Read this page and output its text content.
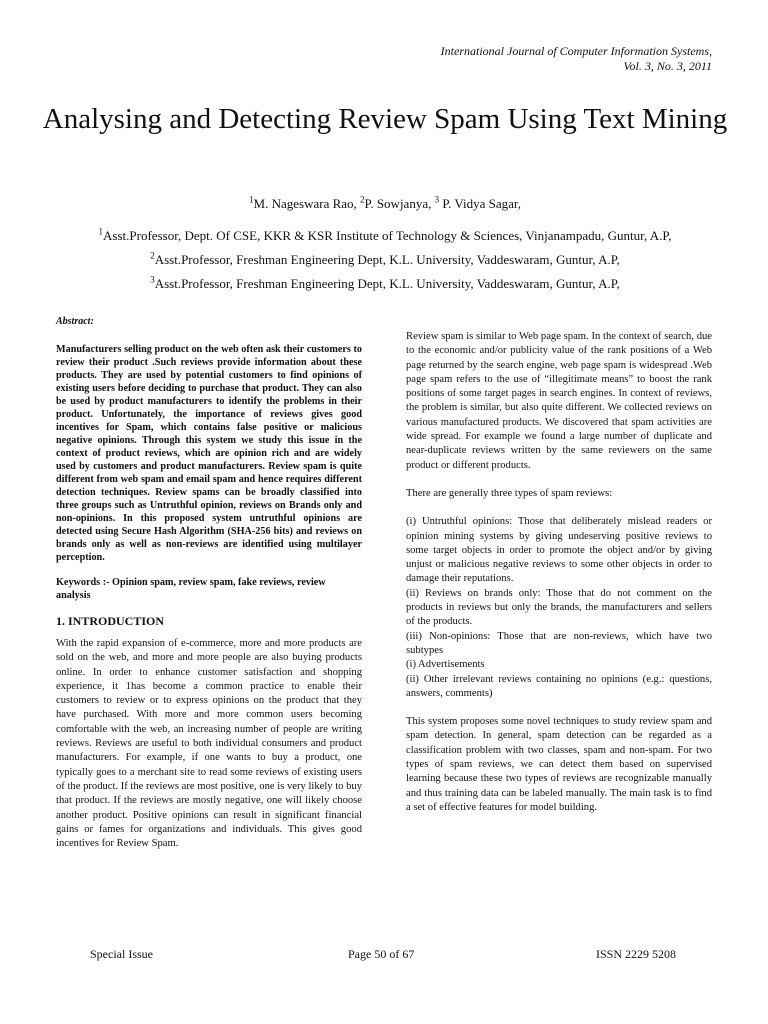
International Journal of Computer Information Systems,
Vol. 3, No. 3, 2011
Analysing and Detecting Review Spam Using Text Mining
$^1$M. Nageswara Rao, $^2$P. Sowjanya, $^3$ P. Vidya Sagar,
$^1$Asst.Professor, Dept. Of CSE, KKR & KSR Institute of Technology & Sciences, Vinjanampadu, Guntur, A.P,
$^2$Asst.Professor, Freshman Engineering Dept, K.L. University, Vaddeswaram, Guntur, A.P,
$^3$Asst.Professor, Freshman Engineering Dept, K.L. University, Vaddeswaram, Guntur, A.P,

Abstract:

Manufacturers selling product on the web often ask their customers to review their product .Such reviews provide information about these products. They are used by potential customers to find opinions of existing users before deciding to purchase that product. They can also be used by product manufacturers to identify the problems in their product. Unfortunately, the importance of reviews gives good incentives for Spam, which contains false positive or malicious negative opinions. Through this system we study this issue in the context of product reviews, which are opinion rich and are widely used by customers and product manufacturers. Review spam is quite different from web spam and email spam and hence requires different detection techniques. Review spams can be broadly classified into three groups such as Untruthful opinion, reviews on Brands only and non-opinions. In this proposed system untruthful opinions are detected using Secure Hash Algorithm (SHA-256 bits) and reviews on brands only as well as non-reviews are identified using multilayer perception.

Keywords :- Opinion spam, review spam, fake reviews, review analysis

1. INTRODUCTION

With the rapid expansion of e-commerce, more and more products are sold on the web, and more and more people are also buying products online. In order to enhance customer satisfaction and shopping experience, it 1has become a common practice to enable their customers to review or to express opinions on the product that they have purchased. With more and more common users becoming comfortable with the web, an increasing number of people are writing reviews. Reviews are useful to both individual consumers and product manufacturers. For example, if one wants to buy a product, one typically goes to a merchant site to read some reviews of existing users of the product. If the reviews are most positive, one is very likely to buy that product. If the reviews are mostly negative, one will likely choose another product. Positive opinions can result in significant financial gains or fames for organizations and individuals. This gives good incentives for Review Spam.

Review spam is similar to Web page spam. In the context of search, due to the economic and/or publicity value of the rank positions of a Web page returned by the search engine, web page spam is widespread .Web page spam refers to the use of “illegitimate means” to boost the rank positions of some target pages in search engines. In context of reviews, the problem is similar, but also quite different. We collected reviews on various manufactured products. We discovered that spam activities are wide spread. For example we found a large number of duplicate and near-duplicate reviews written by the same reviewers on the same product or different products.

There are generally three types of spam reviews:

(i) Untruthful opinions: Those that deliberately mislead readers or opinion mining systems by giving undeserving positive reviews to some target objects in order to promote the object and/or by giving unjust or malicious negative reviews to some other objects in order to damage their reputations.

(ii) Reviews on brands only: Those that do not comment on the products in reviews but only the brands, the manufacturers and sellers of the products.

(iii) Non-opinions: Those that are non-reviews, which have two subtypes

(i) Advertisements

(ii) Other irrelevant reviews containing no opinions (e.g.: questions, answers, comments)

This system proposes some novel techniques to study review spam and spam detection. In general, spam detection can be regarded as a classification problem with two classes, spam and non-spam. For two types of spam reviews, we can detect them based on supervised learning because these two types of reviews are recognizable manually and thus training data can be labeled manually. The main task is to find a set of effective features for model building.

Special Issue	Page 50 of 67	ISSN 2229 5208
